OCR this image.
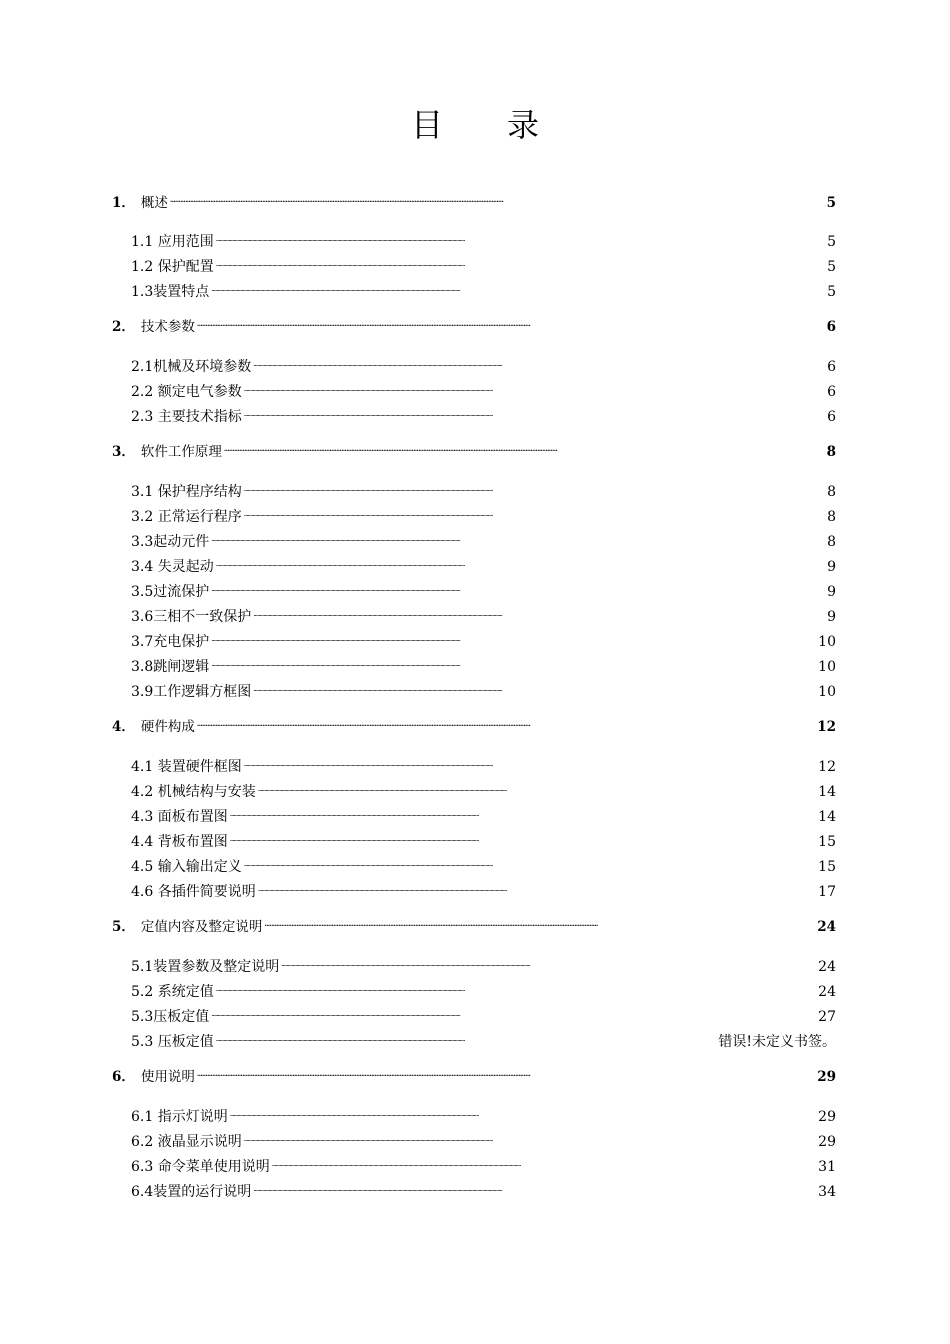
目　　录
1． 概述 . . .	5
1.1 应用范围 . . .	5
1.2 保护配置 . . .	5
1.3装置特点 . . .	5
2． 技术参数 . . .	6
2.1机械及环境参数 . . .	6
2.2 额定电气参数 . . .	6
2.3 主要技术指标 . . .	6
3． 软件工作原理 . . .	8
3.1 保护程序结构 . . .	8
3.2 正常运行程序 . . .	8
3.3起动元件 . . .	8
3.4 失灵起动 . . .	9
3.5过流保护 . . .	9
3.6三相不一致保护 . . .	9
3.7充电保护 . . .	10
3.8跳闸逻辑 . . .	10
3.9工作逻辑方框图 . . .	10
4． 硬件构成 . . .	12
4.1 装置硬件框图 . . .	12
4.2 机械结构与安装 . . .	14
4.3 面板布置图 . . .	14
4.4 背板布置图 . . .	15
4.5 输入输出定义 . . .	15
4.6 各插件简要说明 . . .	17
5． 定值内容及整定说明 . . .	24
5.1装置参数及整定说明 . . .	24
5.2 系统定值 . . .	24
5.3压板定值 . . .	27
5.3 压板定值 . . .	错误!未定义书签。
6． 使用说明 . . .	29
6.1 指示灯说明 . . .	29
6.2 液晶显示说明 . . .	29
6.3 命令菜单使用说明 . . .	31
6.4装置的运行说明 . . .	34
